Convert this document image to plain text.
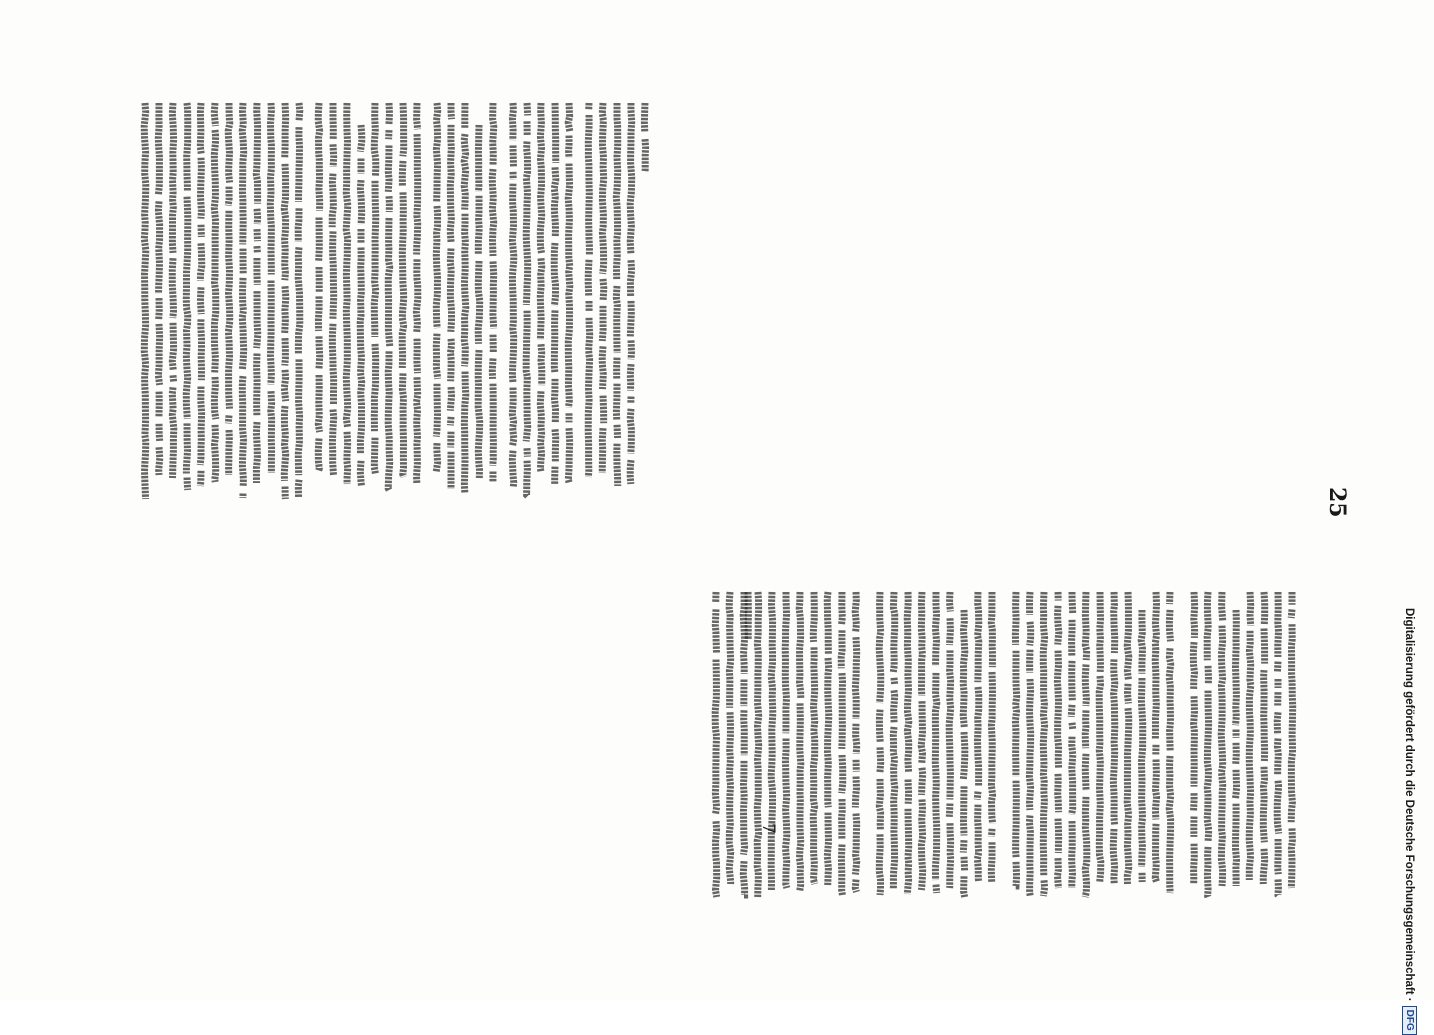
25
7	Digitalisierung gefördert durch die Deutsche Forschungsgemeinschaft ·
DFG
